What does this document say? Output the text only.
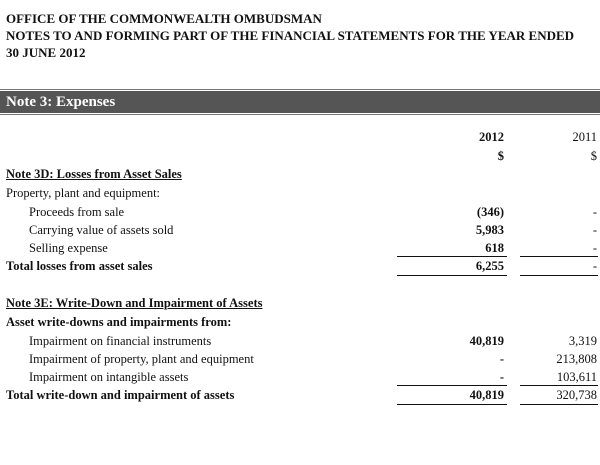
OFFICE OF THE COMMONWEALTH OMBUDSMAN
NOTES TO AND FORMING PART OF THE FINANCIAL STATEMENTS FOR THE YEAR ENDED
30 JUNE 2012
Note 3: Expenses
2012	2011
$	$
Note 3D: Losses from Asset Sales
Property, plant and equipment:
Proceeds from sale	(346)	-
Carrying value of assets sold	5,983	-
Selling expense	618	-
Total losses from asset sales	6,255	-
Note 3E: Write-Down and Impairment of Assets
Asset write-downs and impairments from:
Impairment on financial instruments	40,819	3,319
Impairment of property, plant and equipment	-	213,808
Impairment on intangible assets	-	103,611
Total write-down and impairment of assets	40,819	320,738
